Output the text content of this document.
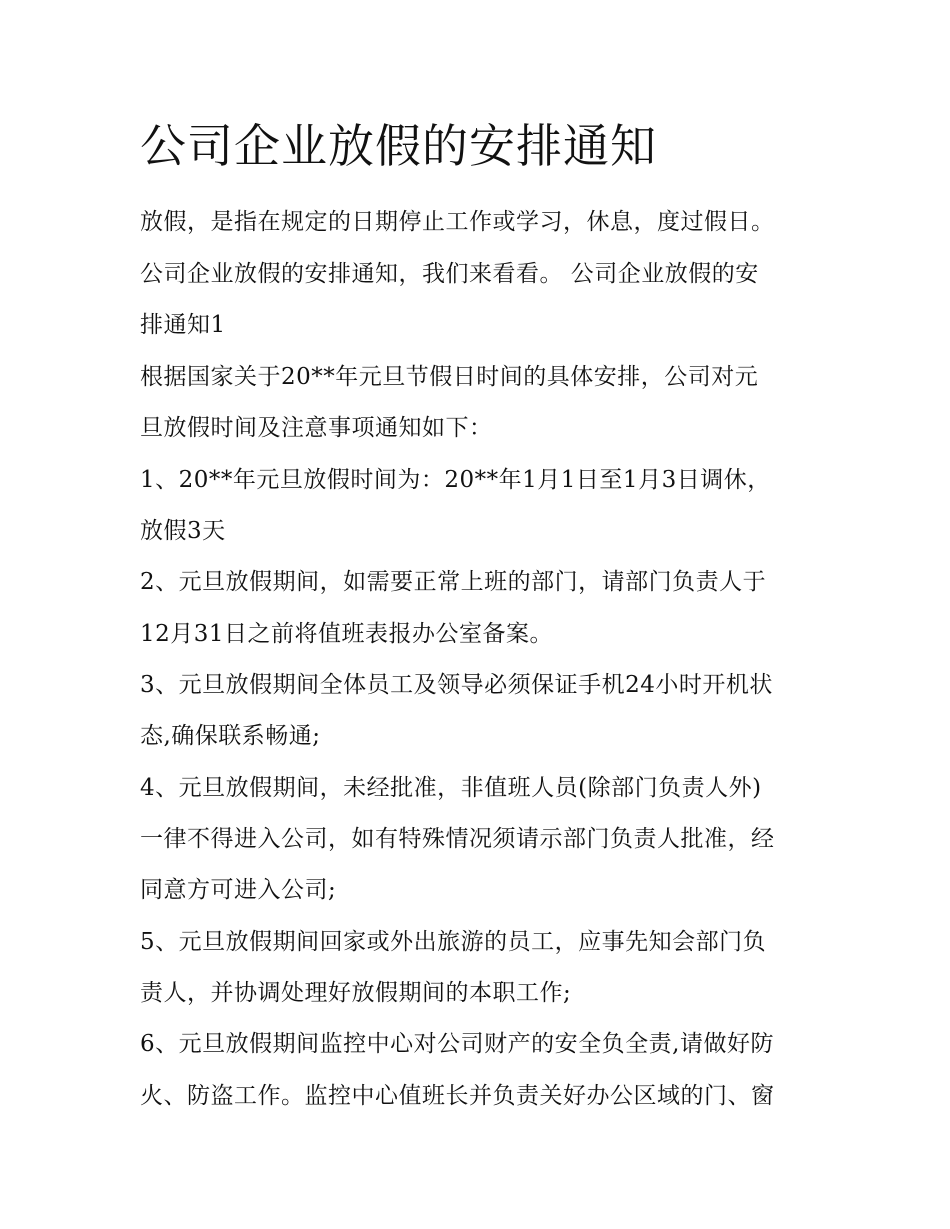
公司企业放假的安排通知
放假，是指在规定的日期停止工作或学习，休息，度过假日。
公司企业放假的安排通知，我们来看看。 公司企业放假的安
排通知1
根据国家关于20**年元旦节假日时间的具体安排，公司对元
旦放假时间及注意事项通知如下：
1、20**年元旦放假时间为：20**年1月1日至1月3日调休，
放假3天
2、元旦放假期间，如需要正常上班的部门，请部门负责人于
12月31日之前将值班表报办公室备案。
3、元旦放假期间全体员工及领导必须保证手机24小时开机状
态,确保联系畅通;
4、元旦放假期间，未经批准，非值班人员(除部门负责人外)
一律不得进入公司，如有特殊情况须请示部门负责人批准，经
同意方可进入公司;
5、元旦放假期间回家或外出旅游的员工，应事先知会部门负
责人，并协调处理好放假期间的本职工作;
6、元旦放假期间监控中心对公司财产的安全负全责,请做好防
火、防盗工作。监控中心值班长并负责关好办公区域的门、窗
